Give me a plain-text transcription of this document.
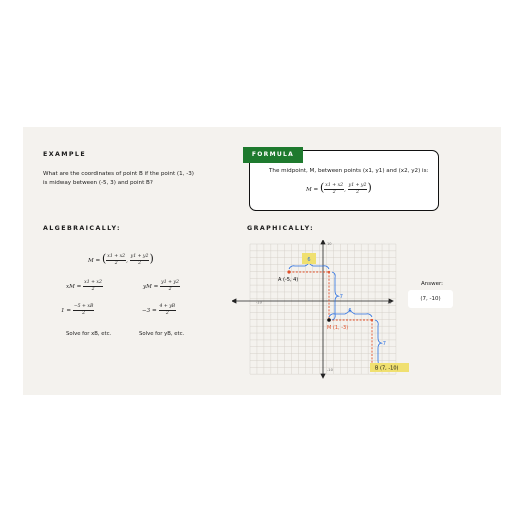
EXAMPLE
What are the coordinates of point B if the point (1, -3)
is midway between (-5, 3) and point B?
FORMULA
The midpoint, M, between points (x1, y1) and (x2, y2) is:
M = ( $\frac{x1 + x2}{2}$ , $\frac{y1 + y2}{2}$ )
ALGEBRAICALLY:
M = ( $\frac{x1 + x2}{2}$ , $\frac{y1 + y2}{2}$ )
xM = $\frac{x1 + x2}{2}$	yM = $\frac{y1 + y2}{2}$
$1 = \frac{-5 + xB}{2}$	$-3 = \frac{4 + yB}{2}$
Solve for xB, etc.	Solve for yB, etc.
GRAPHICALLY:
-10	10
10
-10
6
-7
6
-7
A (-5, 4)
M (1, -3)
B (7, -10)
Answer:
(7, -10)
